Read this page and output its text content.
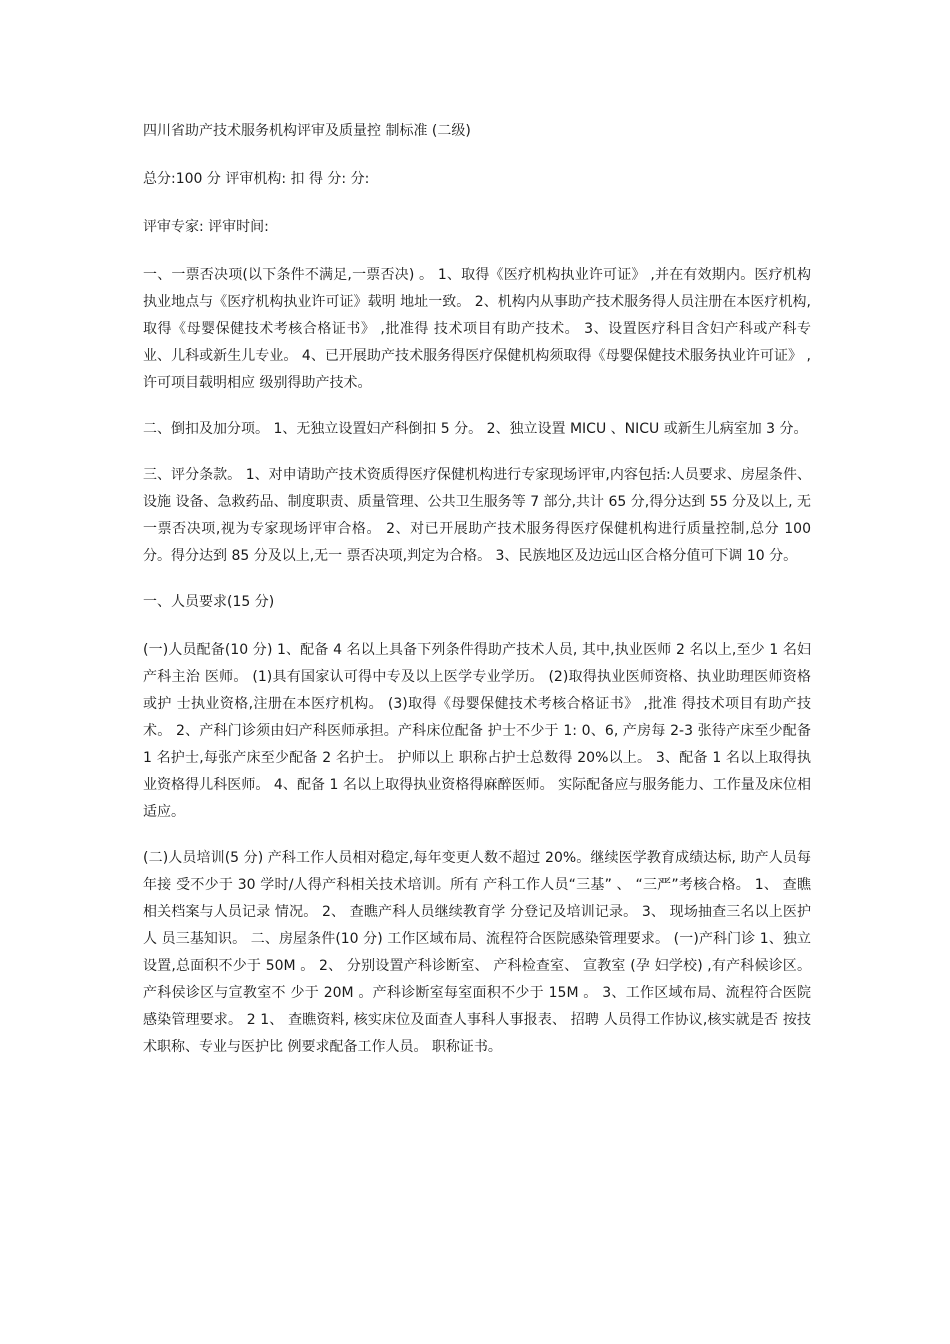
四川省助产技术服务机构评审及质量控 制标准 (二级)

总分:100 分 评审机构: 扣 得 分: 分:

评审专家: 评审时间:

一、一票否决项(以下条件不满足,一票否决) 。 1、取得《医疗机构执业许可证》 ,并在有效期内。医疗机构执业地点与《医疗机构执业许可证》载明 地址一致。 2、机构内从事助产技术服务得人员注册在本医疗机构,取得《母婴保健技术考核合格证书》 ,批准得 技术项目有助产技术。 3、设置医疗科目含妇产科或产科专业、儿科或新生儿专业。 4、已开展助产技术服务得医疗保健机构须取得《母婴保健技术服务执业许可证》 ,许可项目载明相应 级别得助产技术。

二、倒扣及加分项。 1、无独立设置妇产科倒扣 5 分。 2、独立设置 MICU 、NICU 或新生儿病室加 3 分。

三、评分条款。 1、对申请助产技术资质得医疗保健机构进行专家现场评审,内容包括:人员要求、房屋条件、设施 设备、急救药品、制度职责、质量管理、公共卫生服务等 7 部分,共计 65 分,得分达到 55 分及以上, 无一票否决项,视为专家现场评审合格。 2、对已开展助产技术服务得医疗保健机构进行质量控制,总分 100 分。得分达到 85 分及以上,无一 票否决项,判定为合格。 3、民族地区及边远山区合格分值可下调 10 分。

一、人员要求(15 分)

(一)人员配备(10 分) 1、配备 4 名以上具备下列条件得助产技术人员, 其中,执业医师 2 名以上,至少 1 名妇产科主治 医师。 (1)具有国家认可得中专及以上医学专业学历。 (2)取得执业医师资格、执业助理医师资格或护 士执业资格,注册在本医疗机构。 (3)取得《母婴保健技术考核合格证书》 ,批准 得技术项目有助产技术。 2、产科门诊须由妇产科医师承担。产科床位配备 护士不少于 1: 0、6, 产房每 2-3 张待产床至少配备 1 名护士,每张产床至少配备 2 名护士。 护师以上 职称占护士总数得 20%以上。 3、配备 1 名以上取得执业资格得儿科医师。 4、配备 1 名以上取得执业资格得麻醉医师。 实际配备应与服务能力、工作量及床位相适应。

(二)人员培训(5 分) 产科工作人员相对稳定,每年变更人数不超过 20%。继续医学教育成绩达标, 助产人员每年接 受不少于 30 学时/人得产科相关技术培训。所有 产科工作人员“三基” 、 “三严”考核合格。 1、 查瞧相关档案与人员记录 情况。 2、 查瞧产科人员继续教育学 分登记及培训记录。 3、 现场抽查三名以上医护人 员三基知识。 二、房屋条件(10 分) 工作区域布局、流程符合医院感染管理要求。 (一)产科门诊 1、独立设置,总面积不少于 50M 。 2、 分别设置产科诊断室、 产科检查室、 宣教室 (孕 妇学校) ,有产科候诊区。产科侯诊区与宣教室不 少于 20M 。产科诊断室每室面积不少于 15M 。 3、工作区域布局、流程符合医院感染管理要求。 2 1、 查瞧资料, 核实床位及面查人事科人事报表、 招聘 人员得工作协议,核实就是否 按技术职称、专业与医护比 例要求配备工作人员。 职称证书。
